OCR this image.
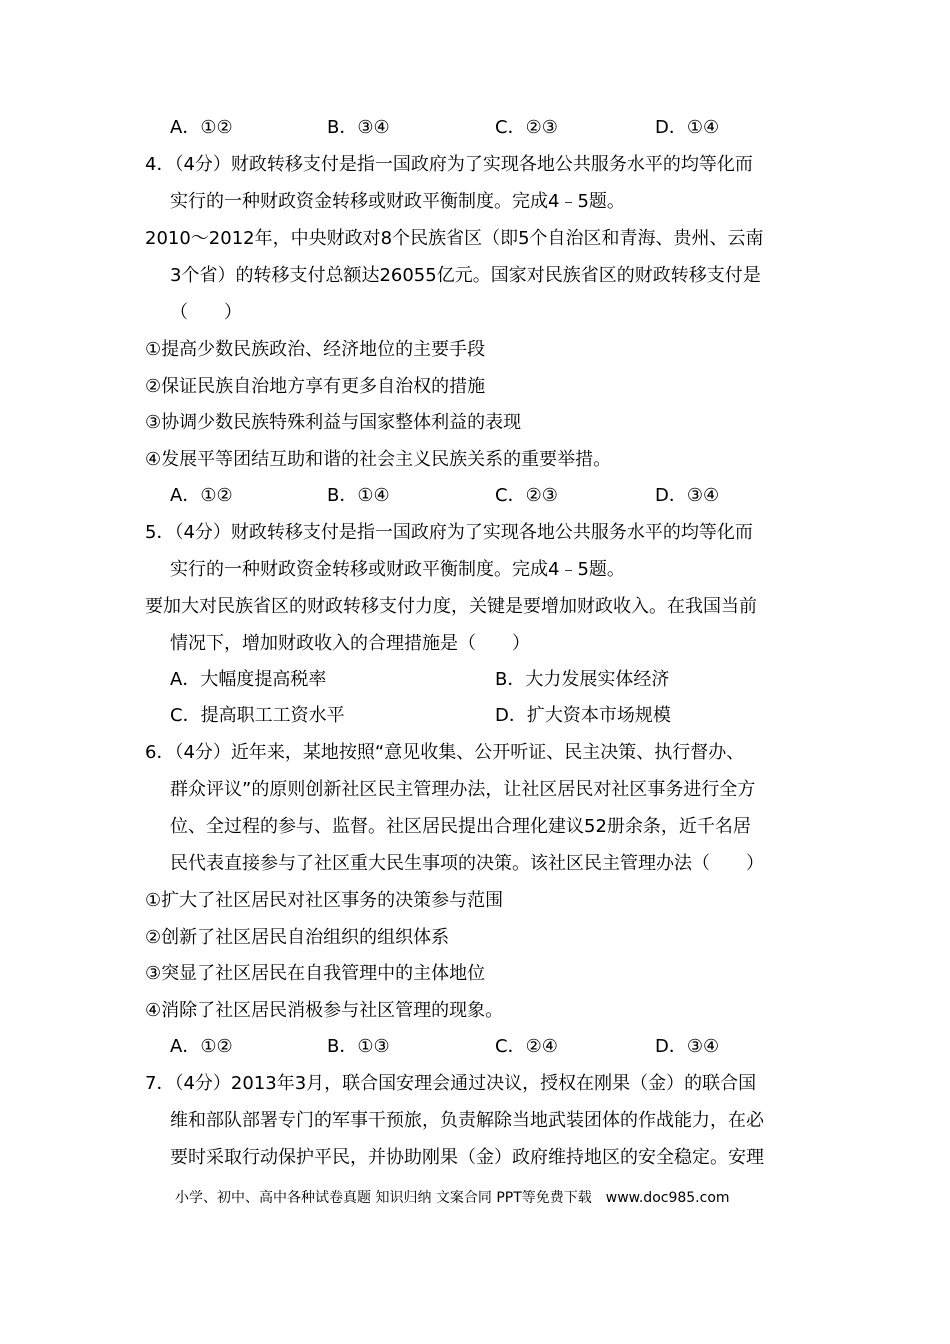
A．①②	B．③④	C．②③	D．①④
4．（4分）财政转移支付是指一国政府为了实现各地公共服务水平的均等化而
实行的一种财政资金转移或财政平衡制度。完成4﹣5题。
2010～2012年，中央财政对8个民族省区（即5个自治区和青海、贵州、云南
3个省）的转移支付总额达26055亿元。国家对民族省区的财政转移支付是
（　　）
①提高少数民族政治、经济地位的主要手段
②保证民族自治地方享有更多自治权的措施
③协调少数民族特殊利益与国家整体利益的表现
④发展平等团结互助和谐的社会主义民族关系的重要举措。
A．①②	B．①④	C．②③	D．③④
5．（4分）财政转移支付是指一国政府为了实现各地公共服务水平的均等化而
实行的一种财政资金转移或财政平衡制度。完成4﹣5题。
要加大对民族省区的财政转移支付力度，关键是要增加财政收入。在我国当前
情况下，增加财政收入的合理措施是（　　）
A．大幅度提高税率	B．大力发展实体经济
C．提高职工工资水平	D．扩大资本市场规模
6．（4分）近年来，某地按照“意见收集、公开听证、民主决策、执行督办、
群众评议”的原则创新社区民主管理办法，让社区居民对社区事务进行全方
位、全过程的参与、监督。社区居民提出合理化建议52册余条，近千名居
民代表直接参与了社区重大民生事项的决策。该社区民主管理办法（　　）
①扩大了社区居民对社区事务的决策参与范围
②创新了社区居民自治组织的组织体系
③突显了社区居民在自我管理中的主体地位
④消除了社区居民消极参与社区管理的现象。
A．①②	B．①③	C．②④	D．③④
7．（4分）2013年3月，联合国安理会通过决议，授权在刚果（金）的联合国
维和部队部署专门的军事干预旅，负责解除当地武装团体的作战能力，在必
要时采取行动保护平民，并协助刚果（金）政府维持地区的安全稳定。安理
小学、初中、高中各种试卷真题 知识归纳 文案合同 PPT等免费下载　www.doc985.com
